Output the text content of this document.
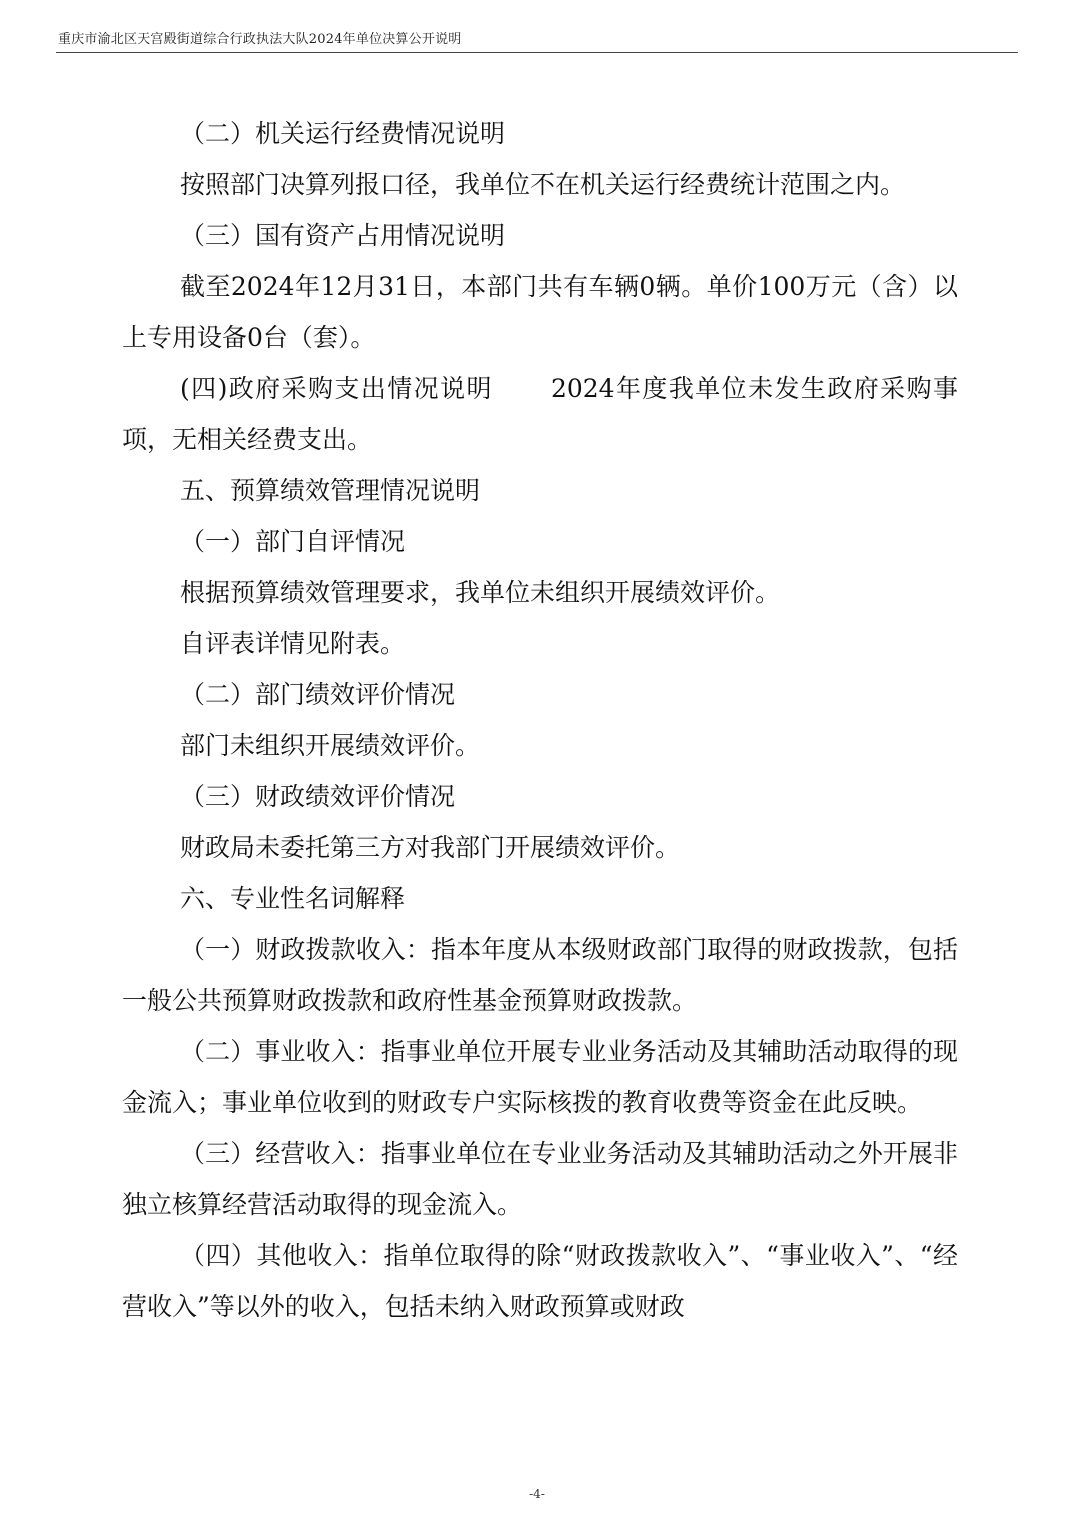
重庆市渝北区天宫殿街道综合行政执法大队2024年单位决算公开说明

（二）机关运行经费情况说明

按照部门决算列报口径，我单位不在机关运行经费统计范围之内。

（三）国有资产占用情况说明

截至2024年12月31日，本部门共有车辆0辆。单价100万元（含）以上专用设备0台（套）。

(四)政府采购支出情况说明 2024年度我单位未发生政府采购事项，无相关经费支出。

五、预算绩效管理情况说明

（一）部门自评情况

根据预算绩效管理要求，我单位未组织开展绩效评价。

自评表详情见附表。

（二）部门绩效评价情况

部门未组织开展绩效评价。

（三）财政绩效评价情况

财政局未委托第三方对我部门开展绩效评价。

六、专业性名词解释

（一）财政拨款收入：指本年度从本级财政部门取得的财政拨款，包括一般公共预算财政拨款和政府性基金预算财政拨款。

（二）事业收入：指事业单位开展专业业务活动及其辅助活动取得的现金流入；事业单位收到的财政专户实际核拨的教育收费等资金在此反映。

（三）经营收入：指事业单位在专业业务活动及其辅助活动之外开展非独立核算经营活动取得的现金流入。

（四）其他收入：指单位取得的除“财政拨款收入”、“事业收入”、“经营收入”等以外的收入，包括未纳入财政预算或财政

-4-
